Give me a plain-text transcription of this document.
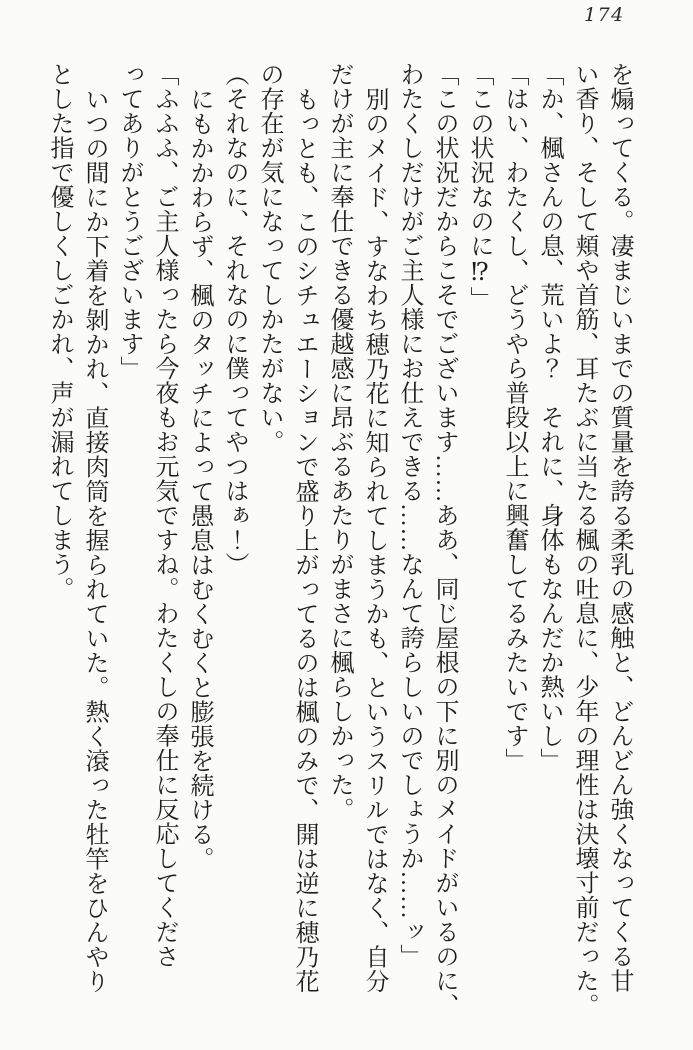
174

を煽ってくる。凄まじいまでの質量を誇る柔乳の感触と、どんどん強くなってくる甘

い香り、そして頬や首筋、耳たぶに当たる楓の吐息に、少年の理性は決壊寸前だった。

「か、楓さんの息、荒いよ？　それに、身体もなんだか熱いし」

「はい、わたくし、どうやら普段以上に興奮してるみたいです」

「この状況なのに⁉」

「この状況だからこそでございます……ああ、同じ屋根の下に別のメイドがいるのに、

わたくしだけがご主人様にお仕えできる……なんて誇らしいのでしょうか……ッ」

別のメイド、すなわち穂乃花に知られてしまうかも、というスリルではなく、自分

だけが主に奉仕できる優越感に昂ぶるあたりがまさに楓らしかった。

もっとも、このシチュエーションで盛り上がってるのは楓のみで、開は逆に穂乃花

の存在が気になってしかたがない。

（それなのに、それなのに僕ってやつはぁ！）

にもかかわらず、楓のタッチによって愚息はむくむくと膨張を続ける。

「ふふふ、ご主人様ったら今夜もお元気ですね。わたくしの奉仕に反応してくださ

ってありがとうございます」

いつの間にか下着を剝かれ、直接肉筒を握られていた。熱く滾った牡竿をひんやり

とした指で優しくしごかれ、声が漏れてしまう。
